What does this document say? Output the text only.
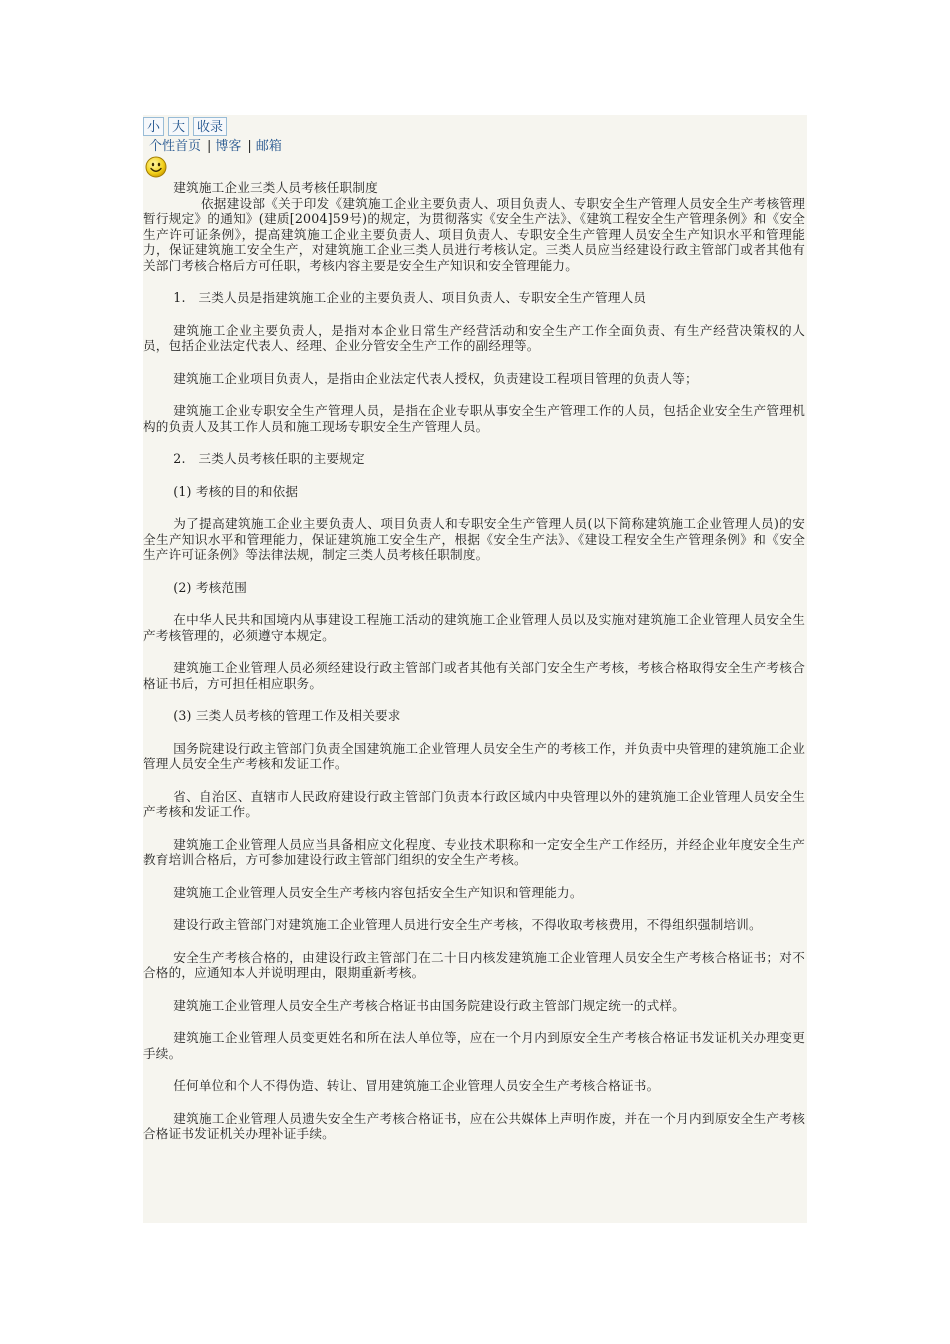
小 大 收录
个性首页 | 博客 | 邮箱

建筑施工企业三类人员考核任职制度

依据建设部《关于印发《建筑施工企业主要负责人、项目负责人、专职安全生产管理人员安全生产考核管理暂行规定》的通知》(建质[2004]59号)的规定，为贯彻落实《安全生产法》、《建筑工程安全生产管理条例》和《安全生产许可证条例》，提高建筑施工企业主要负责人、项目负责人、专职安全生产管理人员安全生产知识水平和管理能力，保证建筑施工安全生产，对建筑施工企业三类人员进行考核认定。三类人员应当经建设行政主管部门或者其他有关部门考核合格后方可任职，考核内容主要是安全生产知识和安全管理能力。

1.　三类人员是指建筑施工企业的主要负责人、项目负责人、专职安全生产管理人员

建筑施工企业主要负责人，是指对本企业日常生产经营活动和安全生产工作全面负责、有生产经营决策权的人员，包括企业法定代表人、经理、企业分管安全生产工作的副经理等。

建筑施工企业项目负责人，是指由企业法定代表人授权，负责建设工程项目管理的负责人等；

建筑施工企业专职安全生产管理人员，是指在企业专职从事安全生产管理工作的人员，包括企业安全生产管理机构的负责人及其工作人员和施工现场专职安全生产管理人员。

2.　三类人员考核任职的主要规定

(1) 考核的目的和依据

为了提高建筑施工企业主要负责人、项目负责人和专职安全生产管理人员(以下简称建筑施工企业管理人员)的安全生产知识水平和管理能力，保证建筑施工安全生产，根据《安全生产法》、《建设工程安全生产管理条例》和《安全生产许可证条例》等法律法规，制定三类人员考核任职制度。

(2) 考核范围

在中华人民共和国境内从事建设工程施工活动的建筑施工企业管理人员以及实施对建筑施工企业管理人员安全生产考核管理的，必须遵守本规定。

建筑施工企业管理人员必须经建设行政主管部门或者其他有关部门安全生产考核，考核合格取得安全生产考核合格证书后，方可担任相应职务。

(3) 三类人员考核的管理工作及相关要求

国务院建设行政主管部门负责全国建筑施工企业管理人员安全生产的考核工作，并负责中央管理的建筑施工企业管理人员安全生产考核和发证工作。

省、自治区、直辖市人民政府建设行政主管部门负责本行政区域内中央管理以外的建筑施工企业管理人员安全生产考核和发证工作。

建筑施工企业管理人员应当具备相应文化程度、专业技术职称和一定安全生产工作经历，并经企业年度安全生产教育培训合格后，方可参加建设行政主管部门组织的安全生产考核。

建筑施工企业管理人员安全生产考核内容包括安全生产知识和管理能力。

建设行政主管部门对建筑施工企业管理人员进行安全生产考核，不得收取考核费用，不得组织强制培训。

安全生产考核合格的，由建设行政主管部门在二十日内核发建筑施工企业管理人员安全生产考核合格证书；对不合格的，应通知本人并说明理由，限期重新考核。

建筑施工企业管理人员安全生产考核合格证书由国务院建设行政主管部门规定统一的式样。

建筑施工企业管理人员变更姓名和所在法人单位等，应在一个月内到原安全生产考核合格证书发证机关办理变更手续。

任何单位和个人不得伪造、转让、冒用建筑施工企业管理人员安全生产考核合格证书。

建筑施工企业管理人员遗失安全生产考核合格证书，应在公共媒体上声明作废，并在一个月内到原安全生产考核合格证书发证机关办理补证手续。
